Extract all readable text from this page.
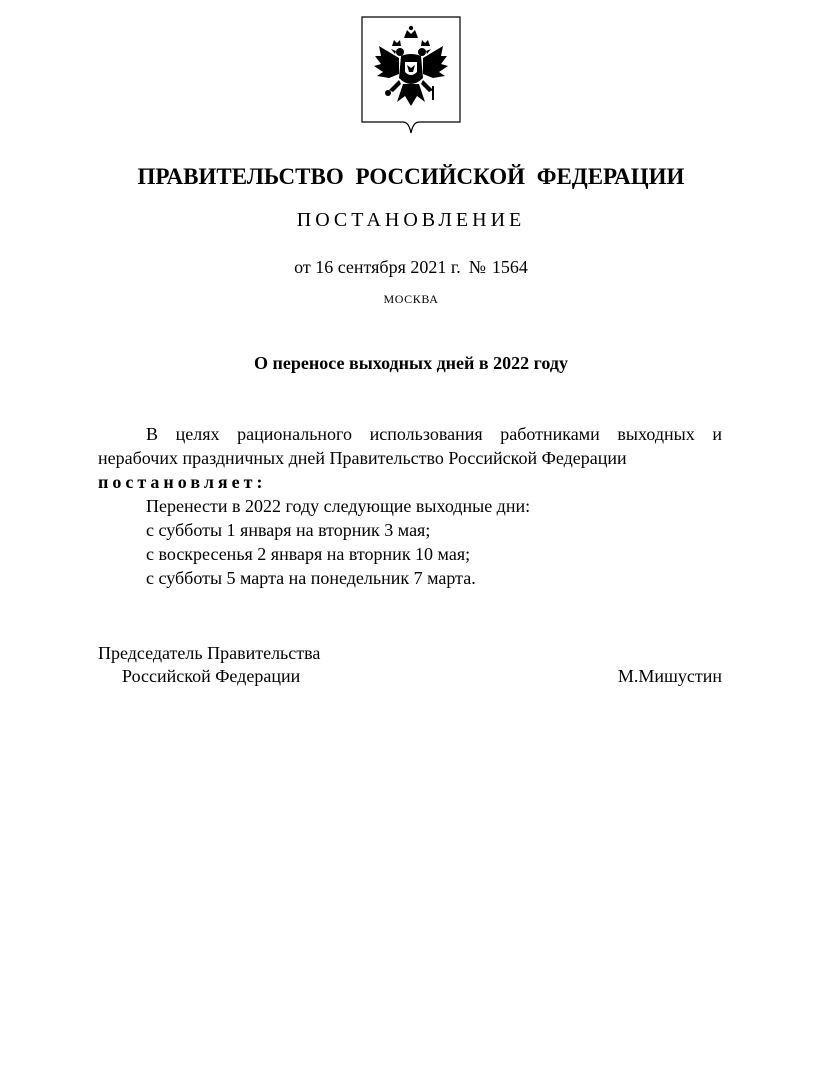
ПРАВИТЕЛЬСТВО РОССИЙСКОЙ ФЕДЕРАЦИИ
ПОСТАНОВЛЕНИЕ
от 16 сентября 2021 г. № 1564
МОСКВА
О переносе выходных дней в 2022 году

В целях рационального использования работниками выходных и нерабочих праздничных дней Правительство Российской Федерации

постановляет:

Перенести в 2022 году следующие выходные дни:

с субботы 1 января на вторник 3 мая;

с воскресенья 2 января на вторник 10 мая;

с субботы 5 марта на понедельник 7 марта.

Председатель Правительства
Российской Федерации	М.Мишустин
